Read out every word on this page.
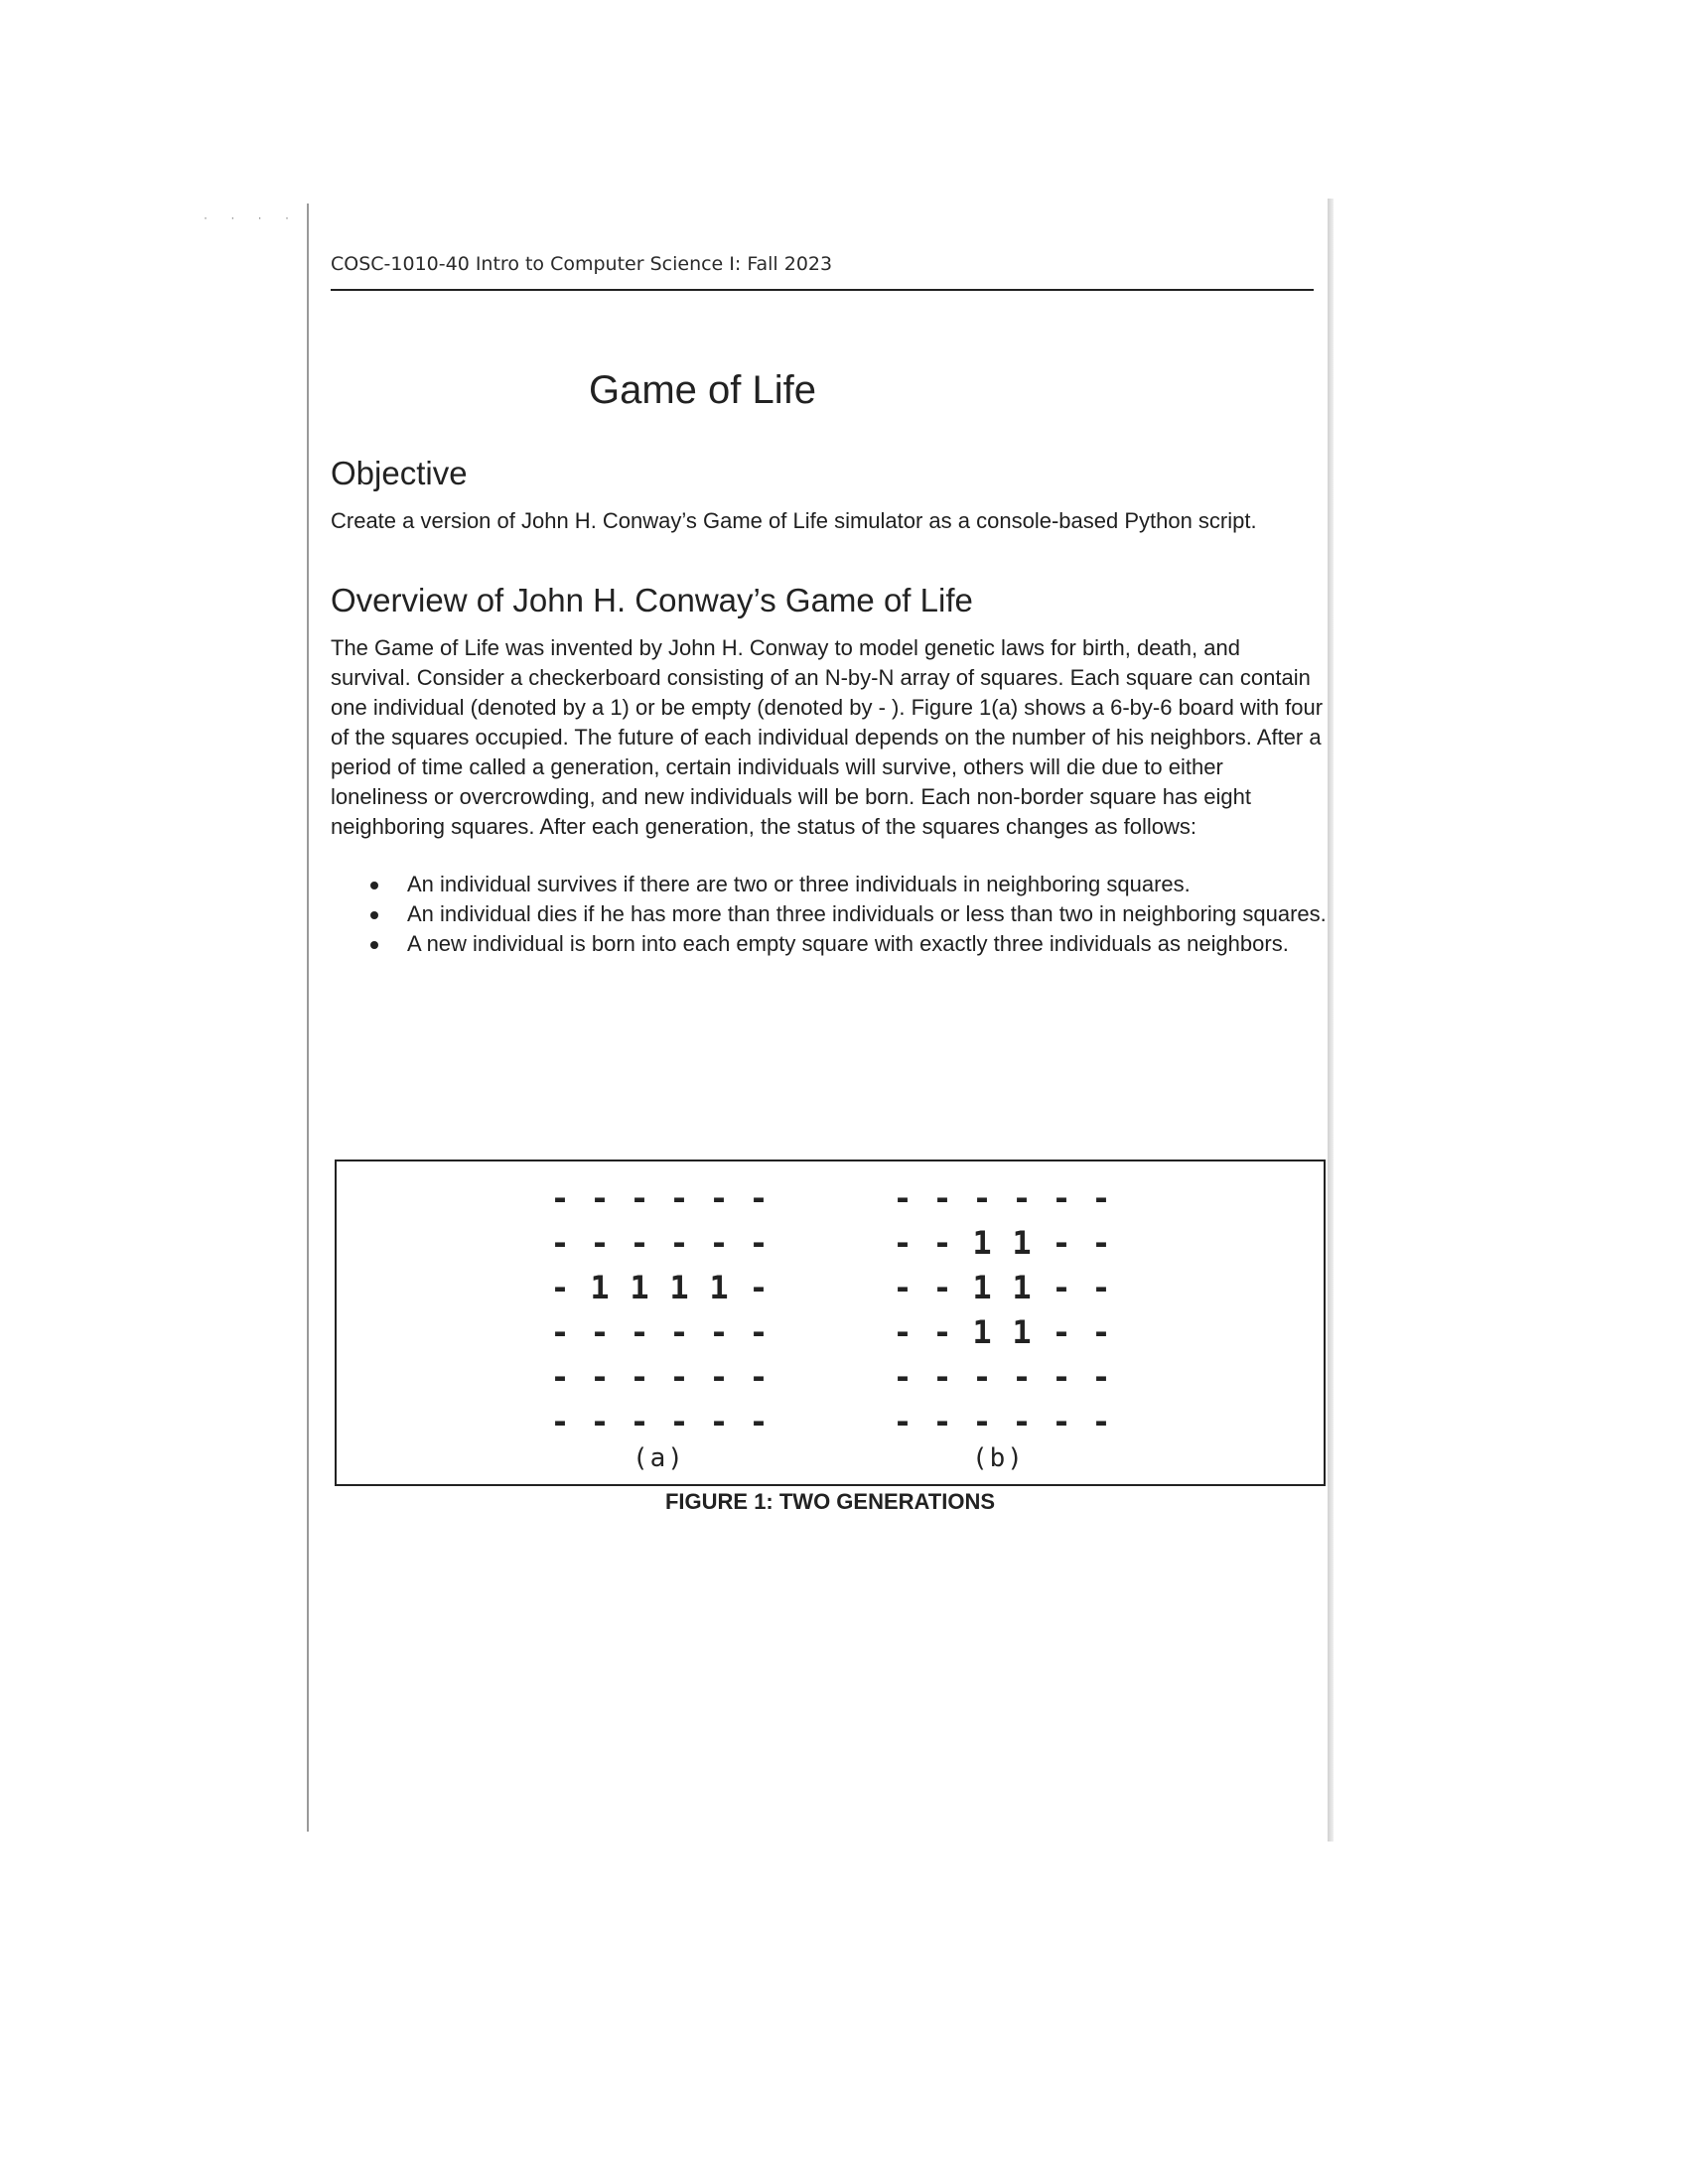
· · · ·
COSC-1010-40 Intro to Computer Science I: Fall 2023
Game of Life
Objective

Create a version of John H. Conway’s Game of Life simulator as a console-based Python script.

Overview of John H. Conway’s Game of Life

The Game of Life was invented by John H. Conway to model genetic laws for birth, death, and survival. Consider a checkerboard consisting of an N-by-N array of squares. Each square can contain one individual (denoted by a 1) or be empty (denoted by - ). Figure 1(a) shows a 6-by-6 board with four of the squares occupied. The future of each individual depends on the number of his neighbors. After a period of time called a generation, certain individuals will survive, others will die due to either loneliness or overcrowding, and new individuals will be born. Each non-border square has eight neighboring squares. After each generation, the status of the squares changes as follows:

An individual survives if there are two or three individuals in neighboring squares.
An individual dies if he has more than three individuals or less than two in neighboring squares.
A new individual is born into each empty square with exactly three individuals as neighbors.
- - - - - -
- - - - - -
- 1 1 1 1 -
- - - - - -
- - - - - -
- - - - - -
- - - - - -
- - 1 1 - -
- - 1 1 - -
- - 1 1 - -
- - - - - -
- - - - - -
(a)	(b)
FIGURE 1: TWO GENERATIONS
